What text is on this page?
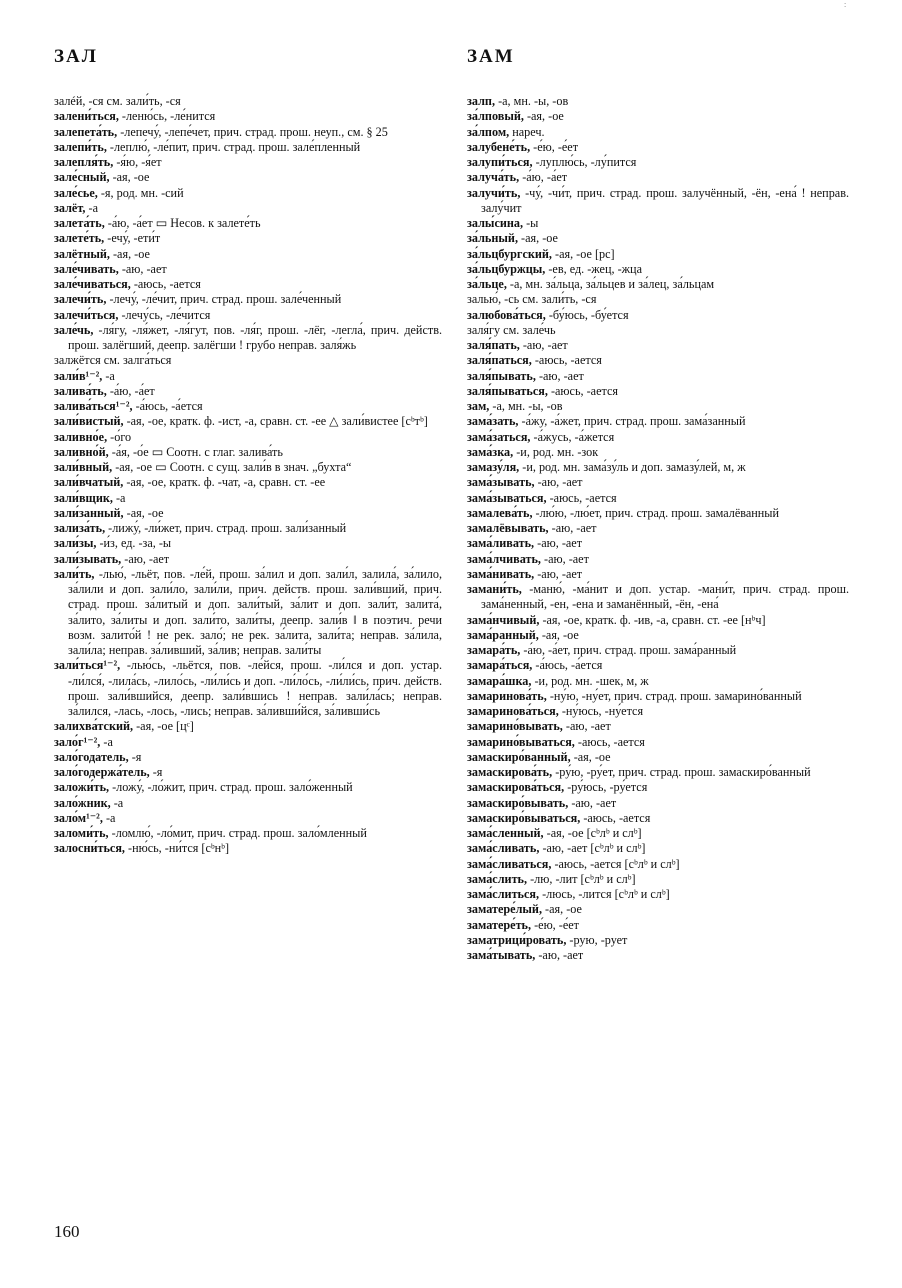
:
ЗАЛ	ЗАМ
залéй, -ся см. зали́ть, -ся
залени́ться, -леню́сь, -ле́нится
залепета́ть, -лепечу́, -лепе́чет, прич. страд. прош. неуп., см. § 25
залепи́ть, -леплю́, -ле́пит, прич. страд. прош. зале́пленный
залепля́ть, -я́ю, -я́ет
зале́сный, -ая, -ое
зале́сье, -я, род. мн. -сий
залёт, -а
залета́ть, -а́ю, -а́ет ▭ Несов. к залете́ть
залете́ть, -ечу́, -ети́т
залётный, -ая, -ое
зале́чивать, -аю, -ает
зале́чиваться, -аюсь, -ается
залечи́ть, -лечу́, -ле́чит, прич. страд. прош. зале́ченный
залечи́ться, -лечу́сь, -ле́чится
зале́чь, -ля́гу, -ля́жет, -ля́гут, пов. -ля́г, прош. -лёг, -легла́, прич. действ. прош. залёгший, деепр. залёгши ! грубо неправ. заля́жь
залжётся см. залга́ться
зали́в¹⁻², -а
залива́ть, -а́ю, -а́ет
залива́ться¹⁻², -а́юсь, -а́ется
зали́вистый, -ая, -ое, кратк. ф. -ист, -а, сравн. ст. -ее △ зали́вистее [сᵇтᵇ]
заливно́е, -о́го
заливно́й, -а́я, -о́е ▭ Соотн. с глаг. залива́ть
зали́вный, -ая, -ое ▭ Соотн. с сущ. зали́в в знач. „бухта“
зали́вчатый, -ая, -ое, кратк. ф. -чат, -а, сравн. ст. -ее
зали́вщик, -а
зали́занный, -ая, -ое
зализа́ть, -лижу́, -ли́жет, прич. страд. прош. зали́занный
зали́зы, -и́з, ед. -за, -ы
зали́зывать, -аю, -ает
зали́ть, -лью́, -льёт, пов. -ле́й, прош. за́лил и доп. зали́л, залила́, за́лило, за́лили и доп. зали́ло, зали́ли, прич. действ. прош. зали́вший, прич. страд. прош. за́литый и доп. зали́тый, за́лит и доп. зали́т, залита́, за́лито, за́литы и доп. зали́то, зали́ты, деепр. зали́в ‖ в поэтич. речи возм. залито́й ! не рек. зало́; не рек. за́лита, зали́та; неправ. за́лила, зали́ла; неправ. за́ливший, за́лив; неправ. зали́ты
зали́ться¹⁻², -лью́сь, -льётся, пов. -ле́йся, прош. -ли́лся и доп. устар. -ли́лся́, -лила́сь, -лило́сь, -ли́ли́сь и доп. -ли́ло́сь, -ли́ли́сь, прич. действ. прош. зали́вшийся, деепр. зали́вшись ! неправ. зали́ла́сь; неправ. за́лился, -лась, -лось, -лись; неправ. за́ливши́йся, за́ливши́сь
залихва́тский, -ая, -ое [цᶜ]
зало́г¹⁻², -а
зало́годатель, -я
зало́годержа́тель, -я
заложи́ть, -ложу́, -ло́жит, прич. страд. прош. зало́женный
зало́жник, -а
зало́м¹⁻², -а
заломи́ть, -ломлю́, -ло́мит, прич. страд. прош. зало́мленный
залосни́ться, -ню́сь, -ни́тся [сᵇнᵇ]
залп, -а, мн. -ы, -ов
за́лповый, -ая, -ое
за́лпом, нареч.
залубене́ть, -е́ю, -е́ет
залупи́ться, -луплю́сь, -лу́пится
залуча́ть, -а́ю, -а́ет
залучи́ть, -чу́, -чи́т, прич. страд. прош. залучённый, -ён, -ена́ ! неправ. залу́чит
залы́сина, -ы
за́льный, -ая, -ое
за́льцбургский, -ая, -ое [рс]
за́льцбуржцы, -ев, ед. -жец, -жца
за́льце, -а, мн. за́льца, за́льцев и за́лец, за́льцам
залью́, -сь см. зали́ть, -ся
залюбова́ться, -бу́юсь, -бу́ется
заля́гу см. зале́чь
заля́пать, -аю, -ает
заля́паться, -аюсь, -ается
заля́пывать, -аю, -ает
заля́пываться, -аюсь, -ается
зам, -а, мн. -ы, -ов
зама́зать, -а́жу, -а́жет, прич. страд. прош. зама́занный
зама́заться, -а́жусь, -а́жется
зама́зка, -и, род. мн. -зок
замазу́ля, -и, род. мн. зама́зу́ль и доп. замазу́лей, м, ж
зама́зывать, -аю, -ает
зама́зываться, -аюсь, -ается
замалева́ть, -лю́ю, -лю́ет, прич. страд. прош. замалёванный
замалёвывать, -аю, -ает
зама́ливать, -аю, -ает
зама́лчивать, -аю, -ает
зама́нивать, -аю, -ает
замани́ть, -маню́, -ма́нит и доп. устар. -мани́т, прич. страд. прош. зама́ненный, -ен, -ена и заманённый, -ён, -ена́
зама́нчивый, -ая, -ое, кратк. ф. -ив, -а, сравн. ст. -ее [нᵇч]
зама́ранный, -ая, -ое
замара́ть, -а́ю, -а́ет, прич. страд. прош. зама́ранный
замара́ться, -а́юсь, -а́ется
замара́шка, -и, род. мн. -шек, м, ж
замаринова́ть, -ну́ю, -ну́ет, прич. страд. прош. замарино́ванный
замаринова́ться, -ну́юсь, -ну́ется
замарино́вывать, -аю, -ает
замарино́вываться, -аюсь, -ается
замаскиро́ванный, -ая, -ое
замаскирова́ть, -ру́ю, -ру́ет, прич. страд. прош. замаскиро́ванный
замаскирова́ться, -ру́юсь, -ру́ется
замаскиро́вывать, -аю, -ает
замаскиро́вываться, -аюсь, -ается
зама́сленный, -ая, -ое [сᵇлᵇ и слᵇ]
зама́сливать, -аю, -ает [сᵇлᵇ и слᵇ]
зама́сливаться, -аюсь, -ается [сᵇлᵇ и слᵇ]
зама́слить, -лю, -лит [сᵇлᵇ и слᵇ]
зама́слиться, -люсь, -лится [сᵇлᵇ и слᵇ]
заматере́лый, -ая, -ое
заматере́ть, -е́ю, -е́ет
заматрици́ровать, -рую, -рует
зама́тывать, -аю, -ает
160
